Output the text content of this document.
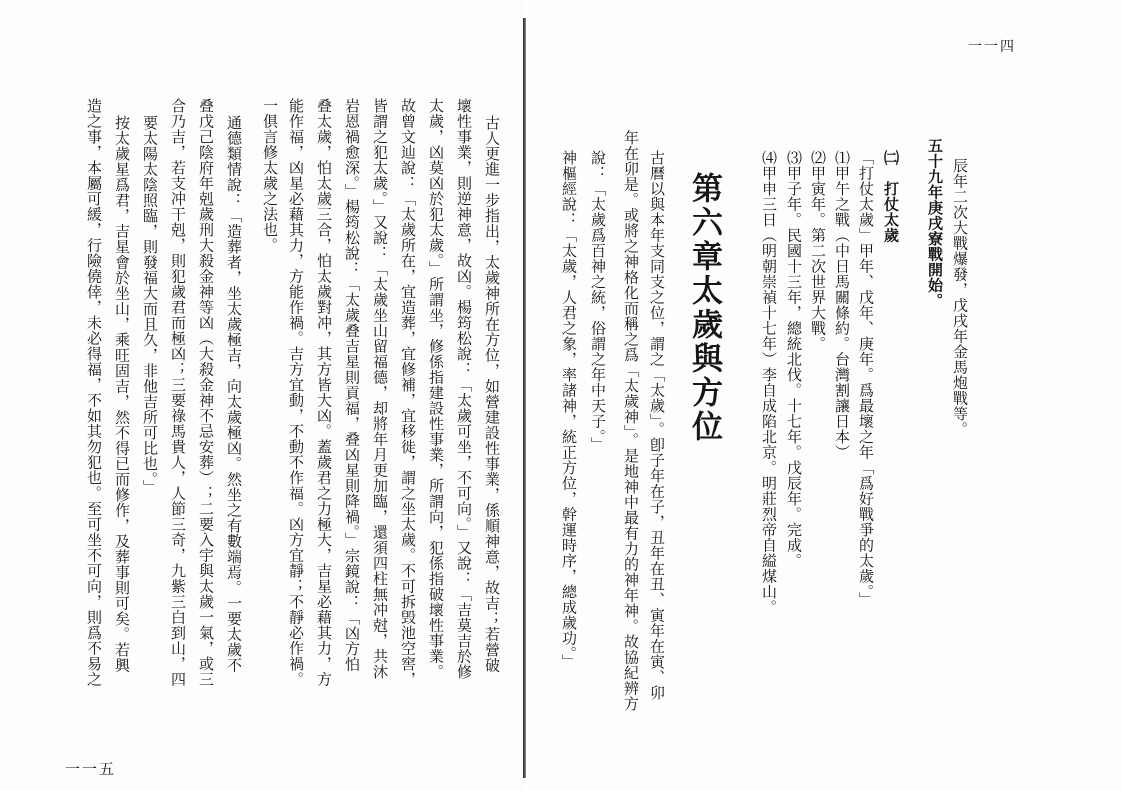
造之事，本屬可緩，行險僥倖，未必得福，不如其勿犯也。至可坐不可向，則爲不易之 按太歲星爲君，吉星會於坐山，乘旺固吉，然不得已而修作，及葬事則可矣。若興 要太陽太陰照臨，則發福大而且久，非他吉所可比也。」 合乃吉，若支冲干剋，則犯歲君而極凶；三要祿馬貴人，人節三奇，九紫三白到山，四 叠戊己陰府年剋歲刑大殺金神等凶（大殺金神不忌安葬）；二要入宇與太歲一氣，或三 通德類情說：「造葬者，坐太歲極吉，向太歲極凶。然坐之有數端焉。一要太歲不 一俱言修太歲之法也。 能作福，凶星必藉其力，方能作禍。吉方宜動，不動不作福。凶方宜靜；不靜必作禍。 叠太歲，怕太歲三合，怕太歲對冲，其方皆大凶。蓋歲君之力極大，吉星必藉其力，方 岩恩禍愈深。」楊筠松說：「太歲叠吉星則貢福，叠凶星則降禍。」宗鏡說：「凶方怕 皆謂之犯太歲。」又說：「太歲坐山留福德，却將年月更加臨，還須四柱無冲尅，共沐 故曾文辿說：「太歲所在，宜造葬，宜修補，宜移徙，謂之坐太歲。不可拆毁池空窖， 太歲，凶莫凶於犯太歲。」所謂坐，修係指建設性事業，所謂向，犯係指破壞性事業。 壞性事業，則逆神意，故凶。楊筠松說：「太歲可坐，不可向。」又說：「吉莫吉於修 古人更進一步指出，太歲神所在方位，如營建設性事業，係順神意，故吉；若營破
一一五
一一四
辰年二次大戰爆發，戊戌年金馬炮戰等。
五十九年庚戌寮戰開始。
㈡　打仗太歲
「打仗太歲」甲年、戊年、庚年。爲最壞之年「爲好戰爭的太歲。」
⑴甲午之戰（中日馬關條約。台灣割讓日本）
⑵甲寅年。第二次世界大戰。
⑶甲子年。民國十三年，總統北伐。十七年。戊辰年。完成。
⑷甲申三日（明朝崇禎十七年）李自成陷北京。明莊烈帝自縊煤山。
古曆以與本年支同支之位，謂之「太歲」。卽子年在子，丑年在丑、寅年在寅、卯
年在卯是。或將之神格化而稱之爲「太歲神」。是地神中最有力的神年神。故協紀辨方
說：「太歲爲百神之統，俗謂之年中天子。」
神樞經說：「太歲，人君之象，率諸神，統正方位，幹運時序，總成歲功。」	第六章太歲與方位
